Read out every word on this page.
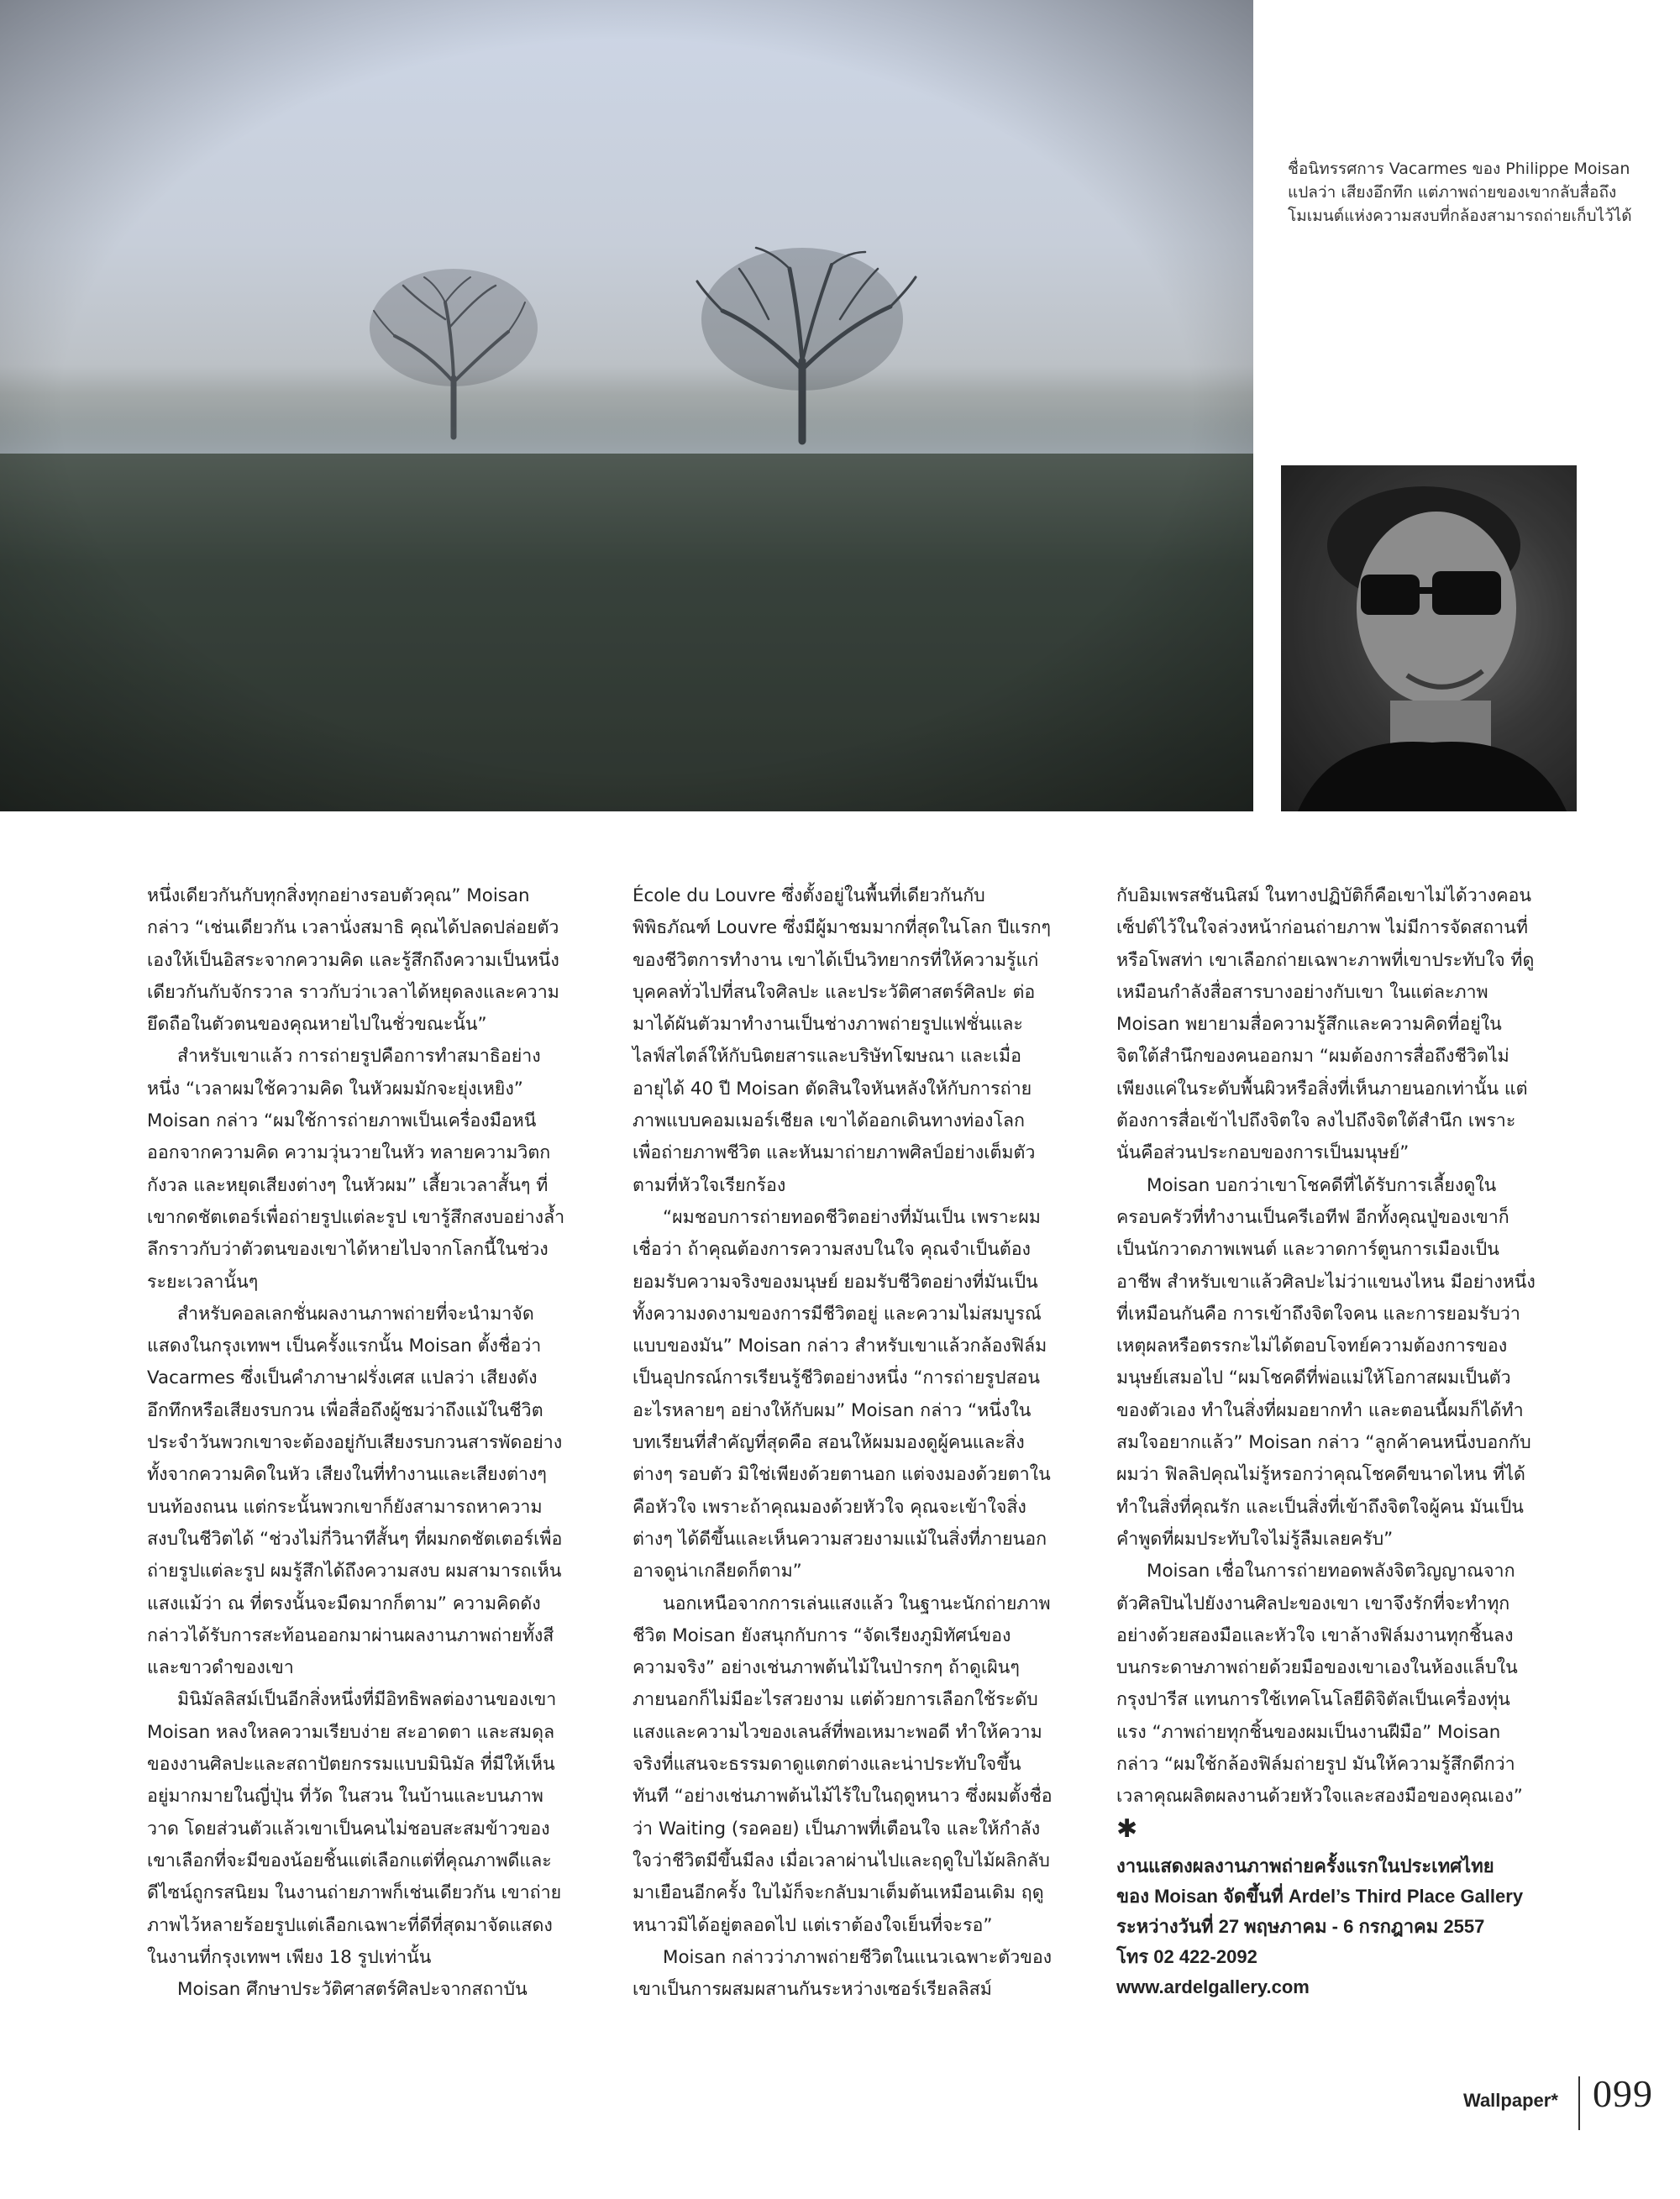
ชื่อนิทรรศการ Vacarmes ของ Philippe Moisan แปลว่า เสียงอึกทึก แต่ภาพถ่ายของเขากลับสื่อถึงโมเมนต์แห่งความสงบที่กล้องสามารถถ่ายเก็บไว้ได้

หนึ่งเดียวกันกับทุกสิ่งทุกอย่างรอบตัวคุณ” Moisan กล่าว “เช่นเดียวกัน เวลานั่งสมาธิ คุณได้ปลดปล่อยตัวเองให้เป็นอิสระจากความคิด และรู้สึกถึงความเป็นหนึ่งเดียวกันกับจักรวาล ราวกับว่าเวลาได้หยุดลงและความยึดถือในตัวตนของคุณหายไปในชั่วขณะนั้น”

สำหรับเขาแล้ว การถ่ายรูปคือการทำสมาธิอย่างหนึ่ง “เวลาผมใช้ความคิด ในหัวผมมักจะยุ่งเหยิง” Moisan กล่าว “ผมใช้การถ่ายภาพเป็นเครื่องมือหนีออกจากความคิด ความวุ่นวายในหัว ทลายความวิตกกังวล และหยุดเสียงต่างๆ ในหัวผม” เสี้ยวเวลาสั้นๆ ที่เขากดชัตเตอร์เพื่อถ่ายรูปแต่ละรูป เขารู้สึกสงบอย่างล้ำลึกราวกับว่าตัวตนของเขาได้หายไปจากโลกนี้ในช่วงระยะเวลานั้นๆ

สำหรับคอลเลกชั่นผลงานภาพถ่ายที่จะนำมาจัดแสดงในกรุงเทพฯ เป็นครั้งแรกนั้น Moisan ตั้งชื่อว่า Vacarmes ซึ่งเป็นคำภาษาฝรั่งเศส แปลว่า เสียงดังอึกทึกหรือเสียงรบกวน เพื่อสื่อถึงผู้ชมว่าถึงแม้ในชีวิตประจำวันพวกเขาจะต้องอยู่กับเสียงรบกวนสารพัดอย่าง ทั้งจากความคิดในหัว เสียงในที่ทำงานและเสียงต่างๆ บนท้องถนน แต่กระนั้นพวกเขาก็ยังสามารถหาความสงบในชีวิตได้ “ช่วงไม่กี่วินาทีสั้นๆ ที่ผมกดชัตเตอร์เพื่อถ่ายรูปแต่ละรูป ผมรู้สึกได้ถึงความสงบ ผมสามารถเห็นแสงแม้ว่า ณ ที่ตรงนั้นจะมืดมากก็ตาม” ความคิดดังกล่าวได้รับการสะท้อนออกมาผ่านผลงานภาพถ่ายทั้งสีและขาวดำของเขา

มินิมัลลิสม์เป็นอีกสิ่งหนึ่งที่มีอิทธิพลต่องานของเขา Moisan หลงใหลความเรียบง่าย สะอาดตา และสมดุลของงานศิลปะและสถาปัตยกรรมแบบมินิมัล ที่มีให้เห็นอยู่มากมายในญี่ปุ่น ที่วัด ในสวน ในบ้านและบนภาพวาด โดยส่วนตัวแล้วเขาเป็นคนไม่ชอบสะสมข้าวของ เขาเลือกที่จะมีของน้อยชิ้นแต่เลือกแต่ที่คุณภาพดีและดีไซน์ถูกรสนิยม ในงานถ่ายภาพก็เช่นเดียวกัน เขาถ่ายภาพไว้หลายร้อยรูปแต่เลือกเฉพาะที่ดีที่สุดมาจัดแสดงในงานที่กรุงเทพฯ เพียง 18 รูปเท่านั้น

Moisan ศึกษาประวัติศาสตร์ศิลปะจากสถาบัน

École du Louvre ซึ่งตั้งอยู่ในพื้นที่เดียวกันกับพิพิธภัณฑ์ Louvre ซึ่งมีผู้มาชมมากที่สุดในโลก ปีแรกๆ ของชีวิตการทำงาน เขาได้เป็นวิทยากรที่ให้ความรู้แก่บุคคลทั่วไปที่สนใจศิลปะ และประวัติศาสตร์ศิลปะ ต่อมาได้ผันตัวมาทำงานเป็นช่างภาพถ่ายรูปแฟชั่นและไลฟ์สไตล์ให้กับนิตยสารและบริษัทโฆษณา และเมื่ออายุได้ 40 ปี Moisan ตัดสินใจหันหลังให้กับการถ่ายภาพแบบคอมเมอร์เชียล เขาได้ออกเดินทางท่องโลกเพื่อถ่ายภาพชีวิต และหันมาถ่ายภาพศิลป์อย่างเต็มตัวตามที่หัวใจเรียกร้อง

“ผมชอบการถ่ายทอดชีวิตอย่างที่มันเป็น เพราะผมเชื่อว่า ถ้าคุณต้องการความสงบในใจ คุณจำเป็นต้องยอมรับความจริงของมนุษย์ ยอมรับชีวิตอย่างที่มันเป็น ทั้งความงดงามของการมีชีวิตอยู่ และความไม่สมบูรณ์แบบของมัน” Moisan กล่าว สำหรับเขาแล้วกล้องฟิล์มเป็นอุปกรณ์การเรียนรู้ชีวิตอย่างหนึ่ง “การถ่ายรูปสอนอะไรหลายๆ อย่างให้กับผม” Moisan กล่าว “หนึ่งในบทเรียนที่สำคัญที่สุดคือ สอนให้ผมมองดูผู้คนและสิ่งต่างๆ รอบตัว มิใช่เพียงด้วยตานอก แต่จงมองด้วยตาในคือหัวใจ เพราะถ้าคุณมองด้วยหัวใจ คุณจะเข้าใจสิ่งต่างๆ ได้ดีขึ้นและเห็นความสวยงามแม้ในสิ่งที่ภายนอกอาจดูน่าเกลียดก็ตาม”

นอกเหนือจากการเล่นแสงแล้ว ในฐานะนักถ่ายภาพชีวิต Moisan ยังสนุกกับการ “จัดเรียงภูมิทัศน์ของความจริง” อย่างเช่นภาพต้นไม้ในป่ารกๆ ถ้าดูเผินๆ ภายนอกก็ไม่มีอะไรสวยงาม แต่ด้วยการเลือกใช้ระดับแสงและความไวของเลนส์ที่พอเหมาะพอดี ทำให้ความจริงที่แสนจะธรรมดาดูแตกต่างและน่าประทับใจขึ้นทันที “อย่างเช่นภาพต้นไม้ไร้ใบในฤดูหนาว ซึ่งผมตั้งชื่อว่า Waiting (รอคอย) เป็นภาพที่เตือนใจ และให้กำลังใจว่าชีวิตมีขึ้นมีลง เมื่อเวลาผ่านไปและฤดูใบไม้ผลิกลับมาเยือนอีกครั้ง ใบไม้ก็จะกลับมาเต็มต้นเหมือนเดิม ฤดูหนาวมิได้อยู่ตลอดไป แต่เราต้องใจเย็นที่จะรอ”

Moisan กล่าวว่าภาพถ่ายชีวิตในแนวเฉพาะตัวของเขาเป็นการผสมผสานกันระหว่างเซอร์เรียลลิสม์

กับอิมเพรสชันนิสม์ ในทางปฏิบัติก็คือเขาไม่ได้วางคอนเซ็ปต์ไว้ในใจล่วงหน้าก่อนถ่ายภาพ ไม่มีการจัดสถานที่ หรือโพสท่า เขาเลือกถ่ายเฉพาะภาพที่เขาประทับใจ ที่ดูเหมือนกำลังสื่อสารบางอย่างกับเขา ในแต่ละภาพ Moisan พยายามสื่อความรู้สึกและความคิดที่อยู่ในจิตใต้สำนึกของคนออกมา “ผมต้องการสื่อถึงชีวิตไม่เพียงแค่ในระดับพื้นผิวหรือสิ่งที่เห็นภายนอกเท่านั้น แต่ต้องการสื่อเข้าไปถึงจิตใจ ลงไปถึงจิตใต้สำนึก เพราะนั่นคือส่วนประกอบของการเป็นมนุษย์”

Moisan บอกว่าเขาโชคดีที่ได้รับการเลี้ยงดูในครอบครัวที่ทำงานเป็นครีเอทีฟ อีกทั้งคุณปู่ของเขาก็เป็นนักวาดภาพเพนต์ และวาดการ์ตูนการเมืองเป็นอาชีพ สำหรับเขาแล้วศิลปะไม่ว่าแขนงไหน มีอย่างหนึ่งที่เหมือนกันคือ การเข้าถึงจิตใจคน และการยอมรับว่าเหตุผลหรือตรรกะไม่ได้ตอบโจทย์ความต้องการของมนุษย์เสมอไป “ผมโชคดีที่พ่อแม่ให้โอกาสผมเป็นตัวของตัวเอง ทำในสิ่งที่ผมอยากทำ และตอนนี้ผมก็ได้ทำสมใจอยากแล้ว” Moisan กล่าว “ลูกค้าคนหนึ่งบอกกับผมว่า ฟิลลิปคุณไม่รู้หรอกว่าคุณโชคดีขนาดไหน ที่ได้ทำในสิ่งที่คุณรัก และเป็นสิ่งที่เข้าถึงจิตใจผู้คน มันเป็นคำพูดที่ผมประทับใจไม่รู้ลืมเลยครับ”

Moisan เชื่อในการถ่ายทอดพลังจิตวิญญาณจากตัวศิลปินไปยังงานศิลปะของเขา เขาจึงรักที่จะทำทุกอย่างด้วยสองมือและหัวใจ เขาล้างฟิล์มงานทุกชิ้นลงบนกระดาษภาพถ่ายด้วยมือของเขาเองในห้องแล็บในกรุงปารีส แทนการใช้เทคโนโลยีดิจิตัลเป็นเครื่องทุ่นแรง “ภาพถ่ายทุกชิ้นของผมเป็นงานฝีมือ” Moisan กล่าว “ผมใช้กล้องฟิล์มถ่ายรูป มันให้ความรู้สึกดีกว่าเวลาคุณผลิตผลงานด้วยหัวใจและสองมือของคุณเอง”

✱

งานแสดงผลงานภาพถ่ายครั้งแรกในประเทศไทย
ของ Moisan จัดขึ้นที่ Ardel’s Third Place Gallery
ระหว่างวันที่ 27 พฤษภาคม - 6 กรกฎาคม 2557
โทร 02 422-2092
www.ardelgallery.com

Wallpaper* 099
